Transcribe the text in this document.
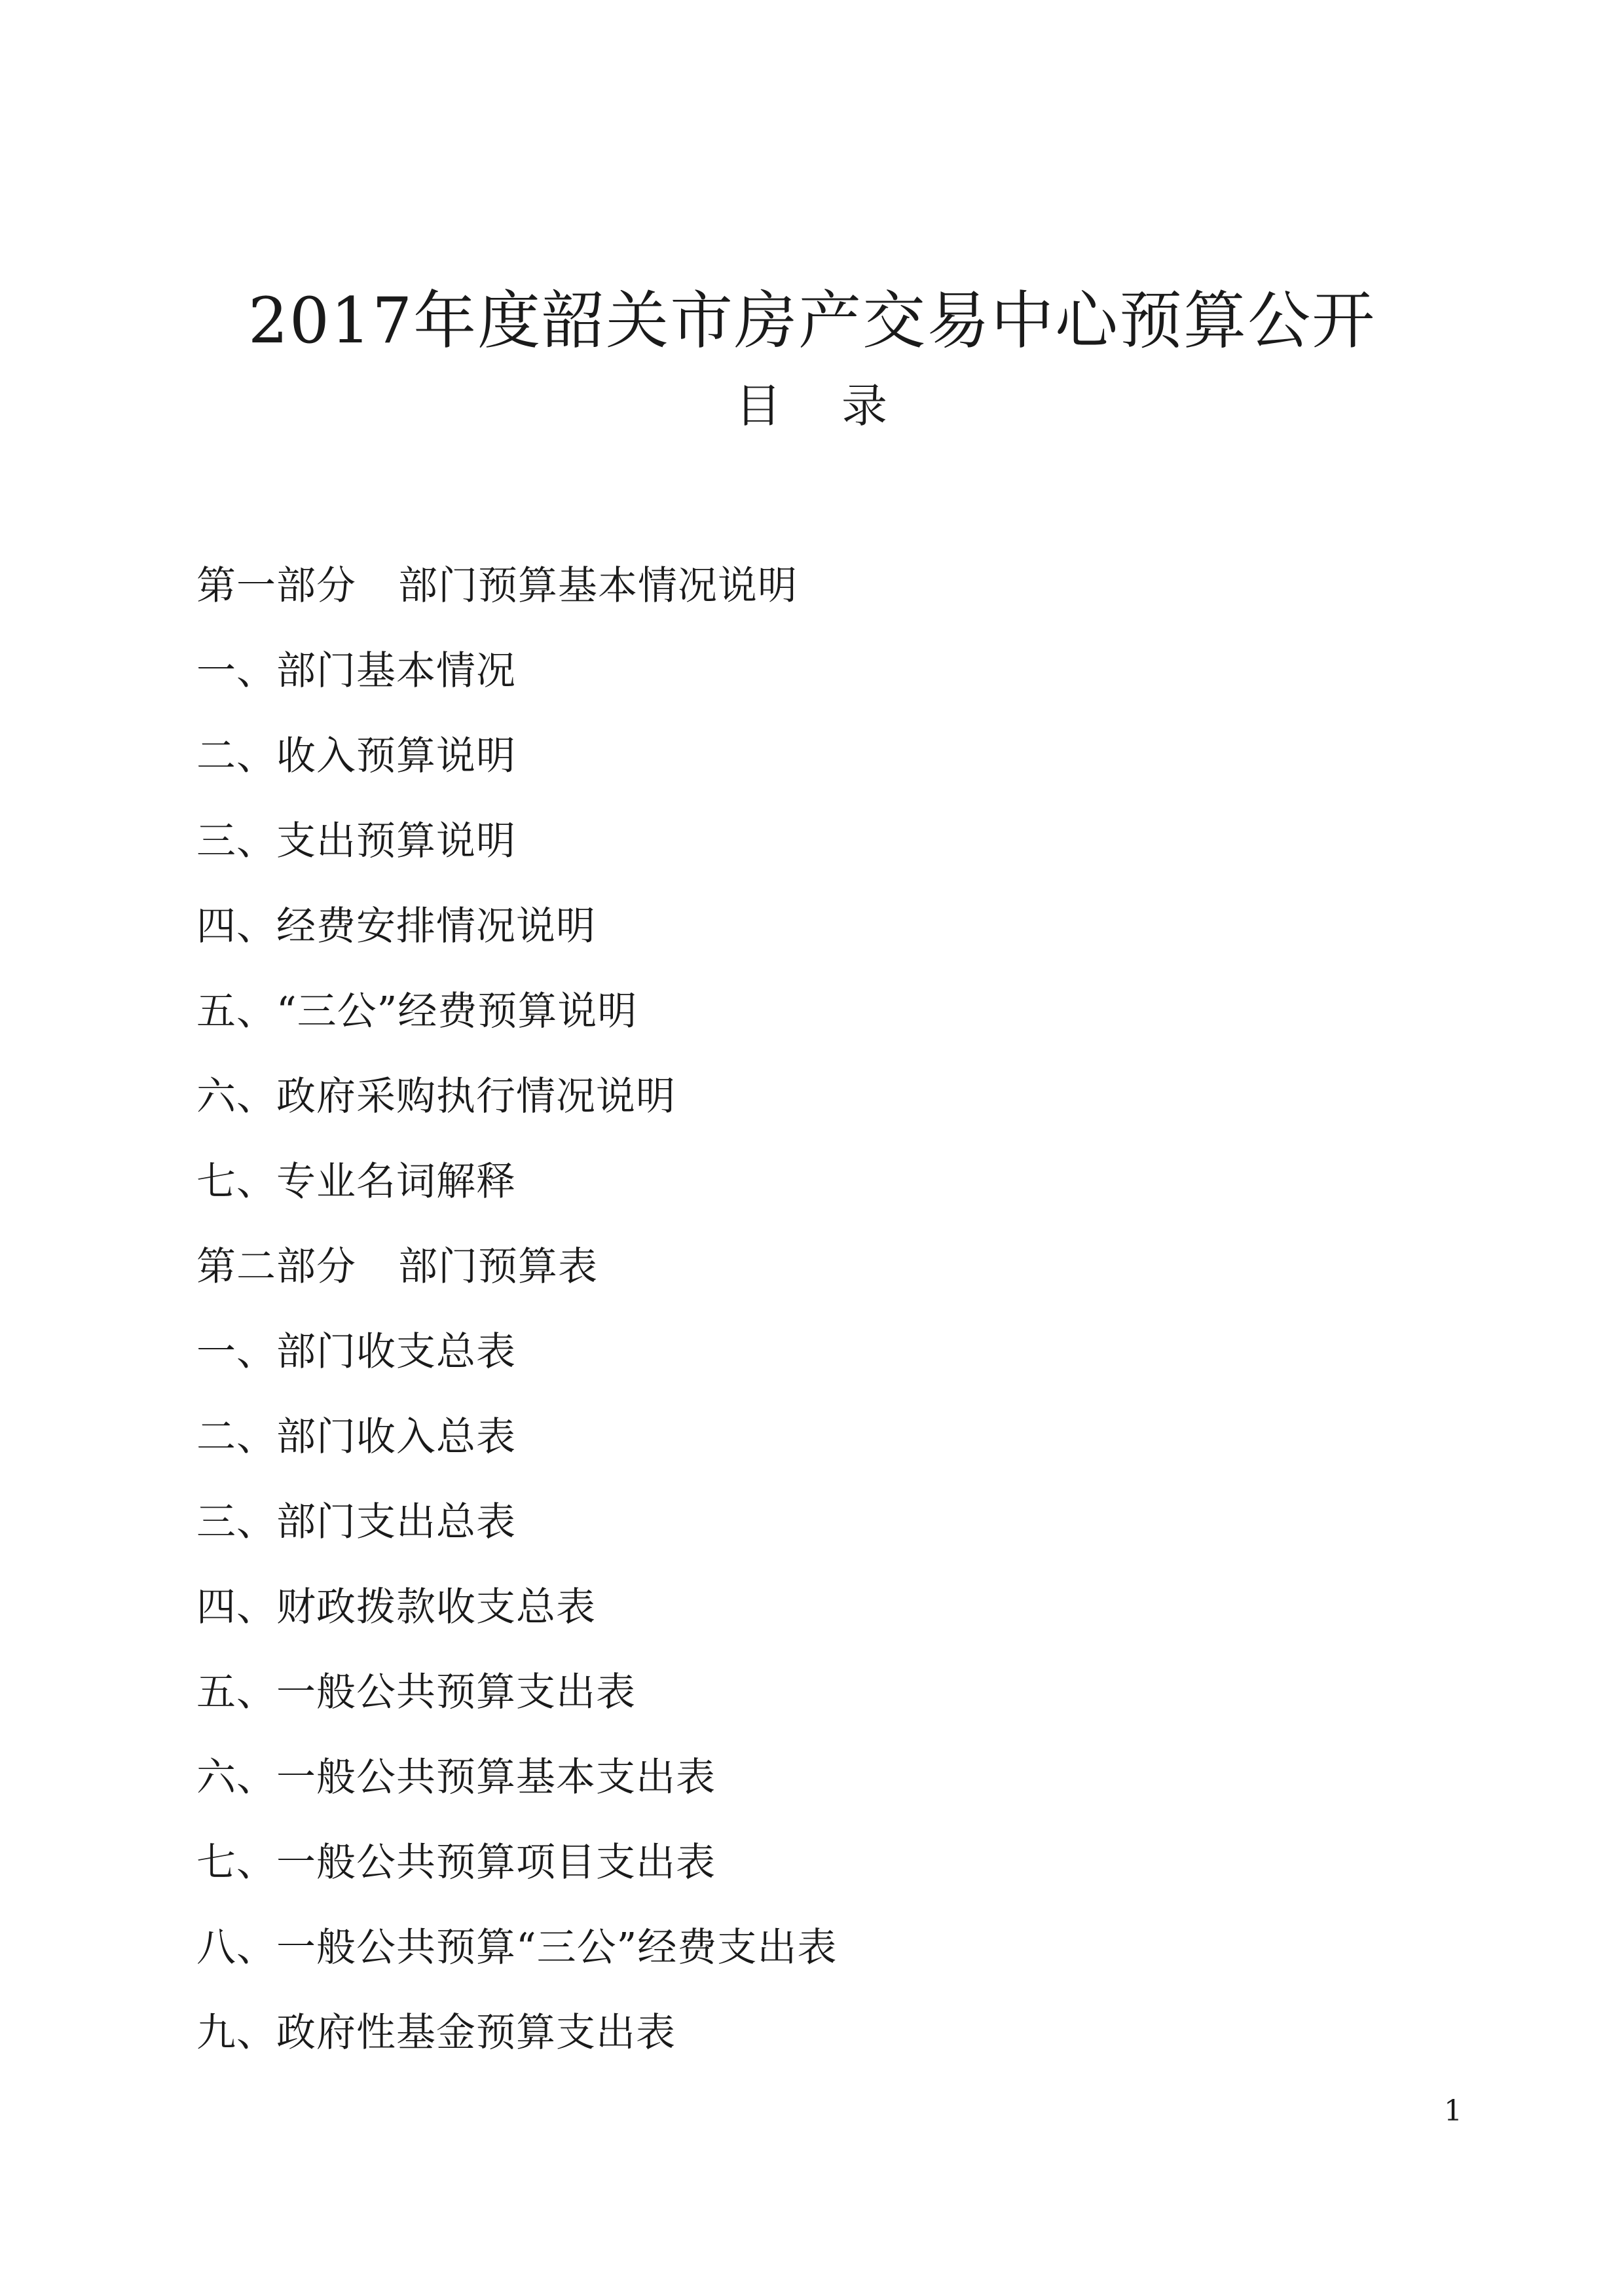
2017年度韶关市房产交易中心预算公开
目 录
第一部分 部门预算基本情况说明
一、部门基本情况
二、收入预算说明
三、支出预算说明
四、经费安排情况说明
五、“三公”经费预算说明
六、政府采购执行情况说明
七、专业名词解释
第二部分 部门预算表
一、部门收支总表
二、部门收入总表
三、部门支出总表
四、财政拨款收支总表
五、一般公共预算支出表
六、一般公共预算基本支出表
七、一般公共预算项目支出表
八、一般公共预算“三公”经费支出表
九、政府性基金预算支出表
1
